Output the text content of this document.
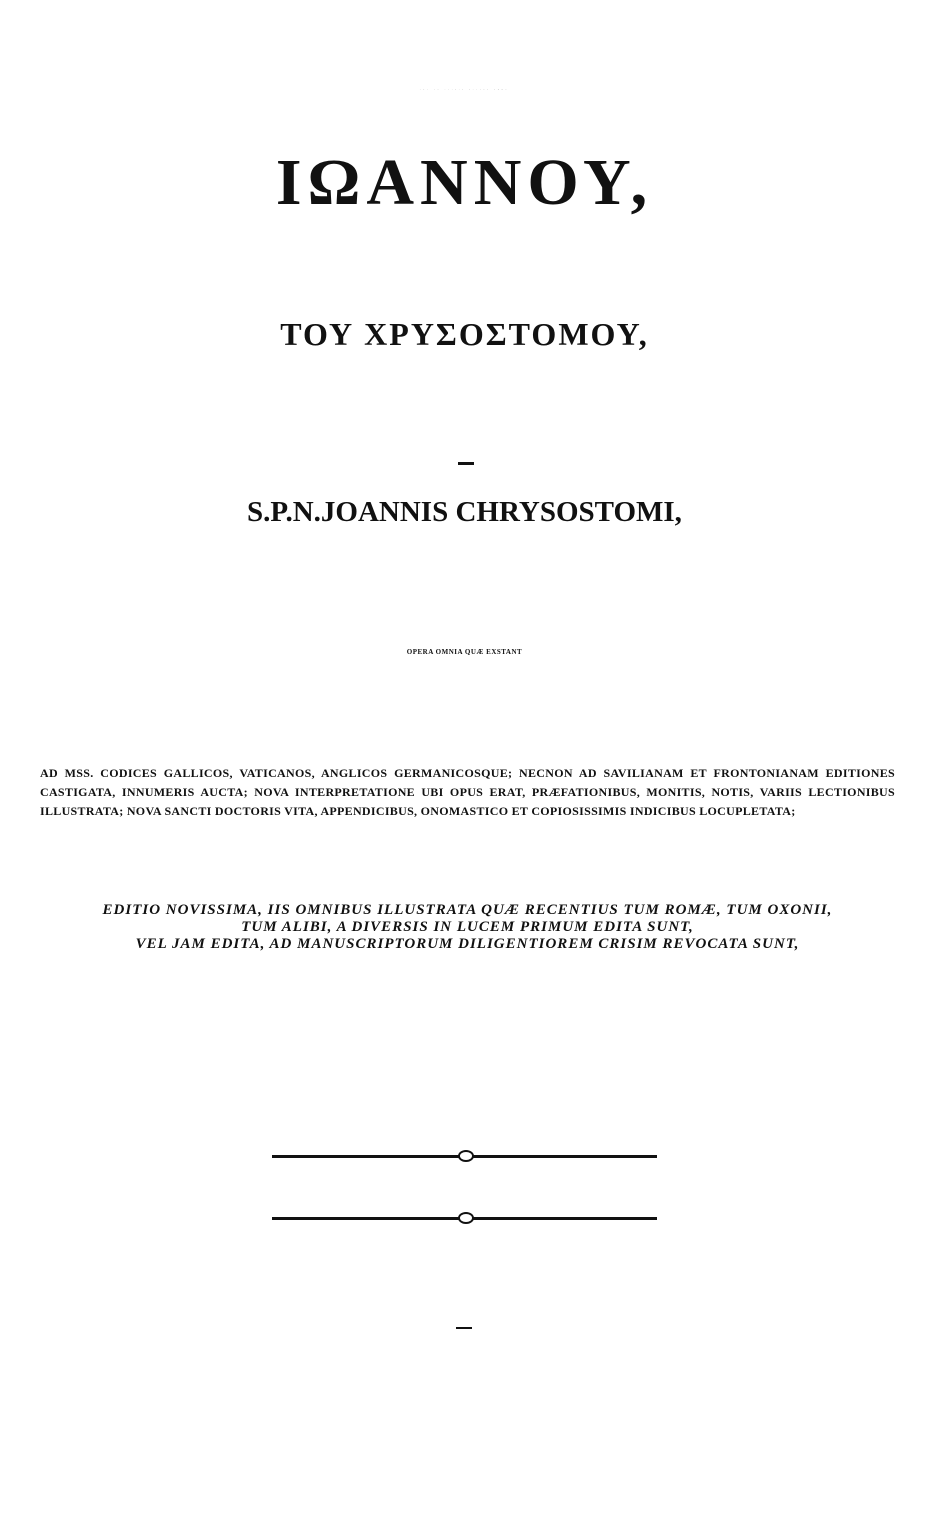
ΤΟΥ ΕΝ ΑΓΙΟΙΣ ΠΑΤΡΟΣ ΗΜΩΝ
ΙΩΑΝΝΟΥ,
ΤΟΥ ΧΡΥΣΟΣΤΟΜΟΥ,
S.P.N.JOANNIS CHRYSOSTOMI,
OPERA OMNIA QUÆ EXSTANT
AD MSS. CODICES GALLICOS, VATICANOS, ANGLICOS GERMANICOSQUE; NECNON AD SAVILIANAM ET FRONTONIANAM EDITIONES CASTIGATA, INNUMERIS AUCTA; NOVA INTERPRETATIONE UBI OPUS ERAT, PRÆFATIONIBUS, MONITIS, NOTIS, VARIIS LECTIONIBUS ILLUSTRATA; NOVA SANCTI DOCTORIS VITA, APPENDICIBUS, ONOMASTICO ET COPIOSISSIMIS INDICIBUS LOCUPLETATA;
EDITIO NOVISSIMA, IIS OMNIBUS ILLUSTRATA QUÆ RECENTIUS TUM ROMÆ, TUM OXONII,
TUM ALIBI, A DIVERSIS IN LUCEM PRIMUM EDITA SUNT,
VEL JAM EDITA, AD MANUSCRIPTORUM DILIGENTIOREM CRISIM REVOCATA SUNT,
